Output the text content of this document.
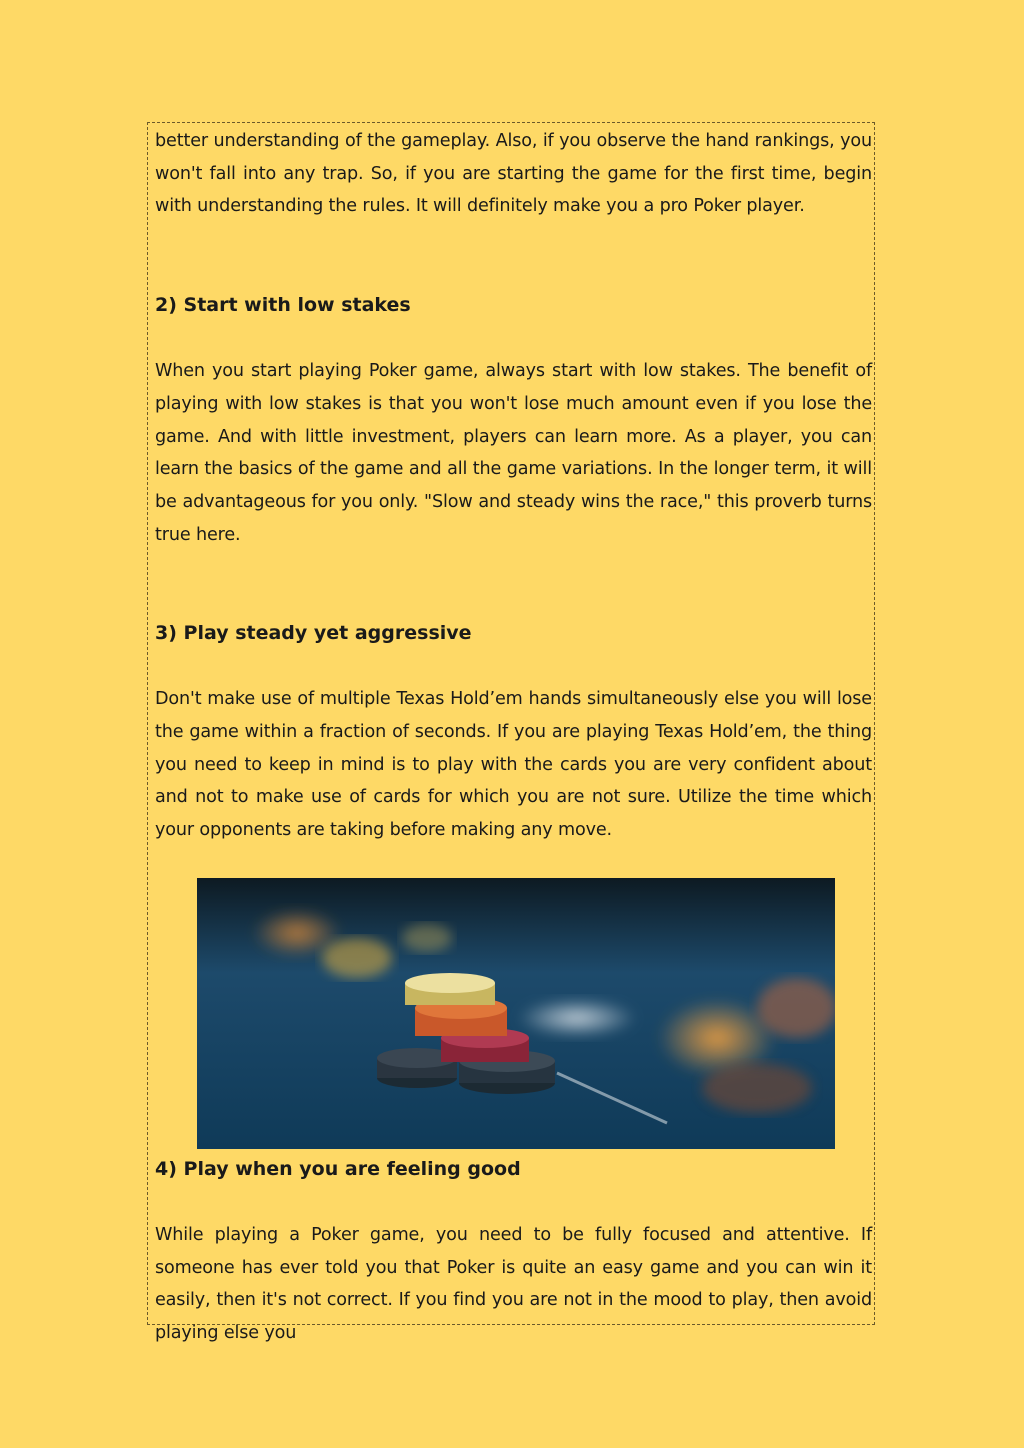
better understanding of the gameplay. Also, if you observe the hand rankings, you won't fall into any trap. So, if you are starting the game for the first time, begin with understanding the rules. It will definitely make you a pro Poker player.

2) Start with low stakes

When you start playing Poker game, always start with low stakes. The benefit of playing with low stakes is that you won't lose much amount even if you lose the game. And with little investment, players can learn more. As a player, you can learn the basics of the game and all the game variations. In the longer term, it will be advantageous for you only. "Slow and steady wins the race," this proverb turns true here.

3) Play steady yet aggressive

Don't make use of multiple Texas Hold’em hands simultaneously else you will lose the game within a fraction of seconds. If you are playing Texas Hold’em, the thing you need to keep in mind is to play with the cards you are very confident about and not to make use of cards for which you are not sure. Utilize the time which your opponents are taking before making any move.

4) Play when you are feeling good

While playing a Poker game, you need to be fully focused and attentive. If someone has ever told you that Poker is quite an easy game and you can win it easily, then it's not correct. If you find you are not in the mood to play, then avoid playing else you
